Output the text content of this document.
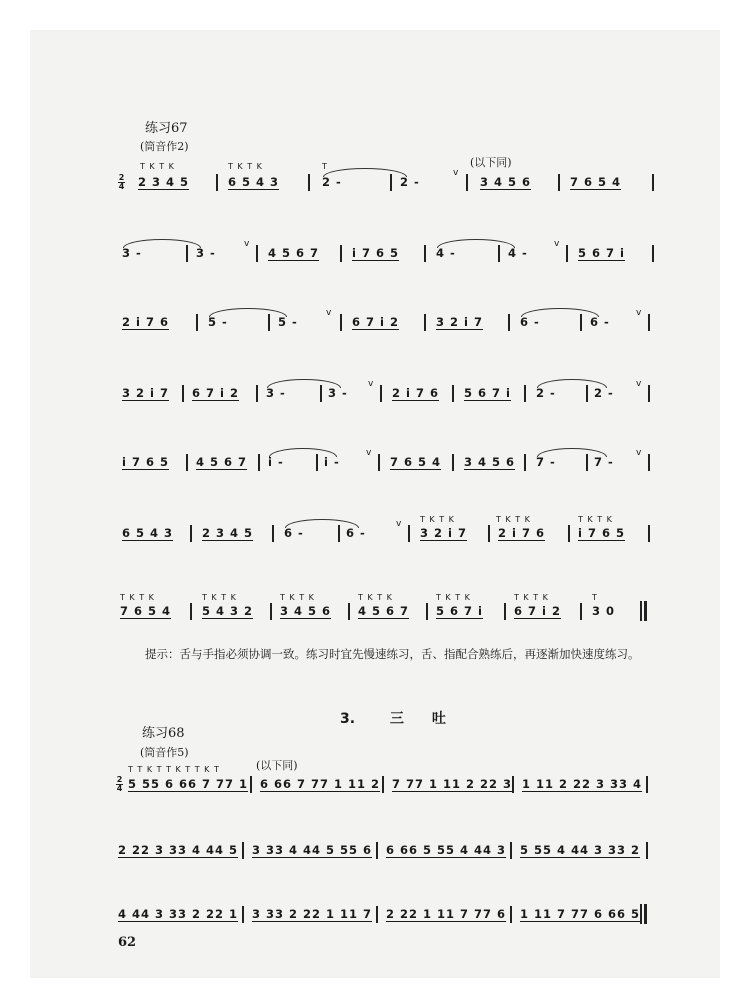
练习67
(筒音作2)
(以下同)
T K T K	T K T K	T
2
4 2 3 4 5	6 5 4 3	2 -	2 -
v
3 4 5 6	7 6 5 4
3 -	3 -
v
4 5 6 7	i 7 6 5	4 -	4 -
v
5 6 7 i
2 i 7 6	5 -	5 -
v
6 7 i 2	3 2 i 7	6 -	6 -
v
3 2 i 7 6 7 i 2 3 -	3 -
v
2 i 7 6 5 6 7 i 2 -	2 -
v
i 7 6 5 4 5 6 7 i -	i -
v
7 6 5 4 3 4 5 6 7 -	7 -
v
T K T K	T K T K	T K T K
6 5 4 3	2 3 4 5	6 -	6 -
v
3 2 i 7	2 i 7 6	i 7 6 5
T K T K	T K T K	T K T K	T K T K	T K T K	T K T K	T
7 6 5 4	5 4 3 2 3 4 5 6 4 5 6 7 5 6 7 i	6 7 i 2	3 0
提示：舌与手指必须协调一致。练习时宜先慢速练习，舌、指配合熟练后，再逐渐加快速度练习。
3. 三　　吐
练习68
(筒音作5)
T T K T T K T T K T	(以下同)
2
4 5 55 6 66 7 77 1 6 66 7 77 1 11 2 7 77 1 11 2 22 3 1 11 2 22 3 33 4
2 22 3 33 4 44 5 3 33 4 44 5 55 6 6 66 5 55 4 44 3 5 55 4 44 3 33 2
4 44 3 33 2 22 1 3 33 2 22 1 11 7 2 22 1 11 7 77 6 1 11 7 77 6 66 5
62
